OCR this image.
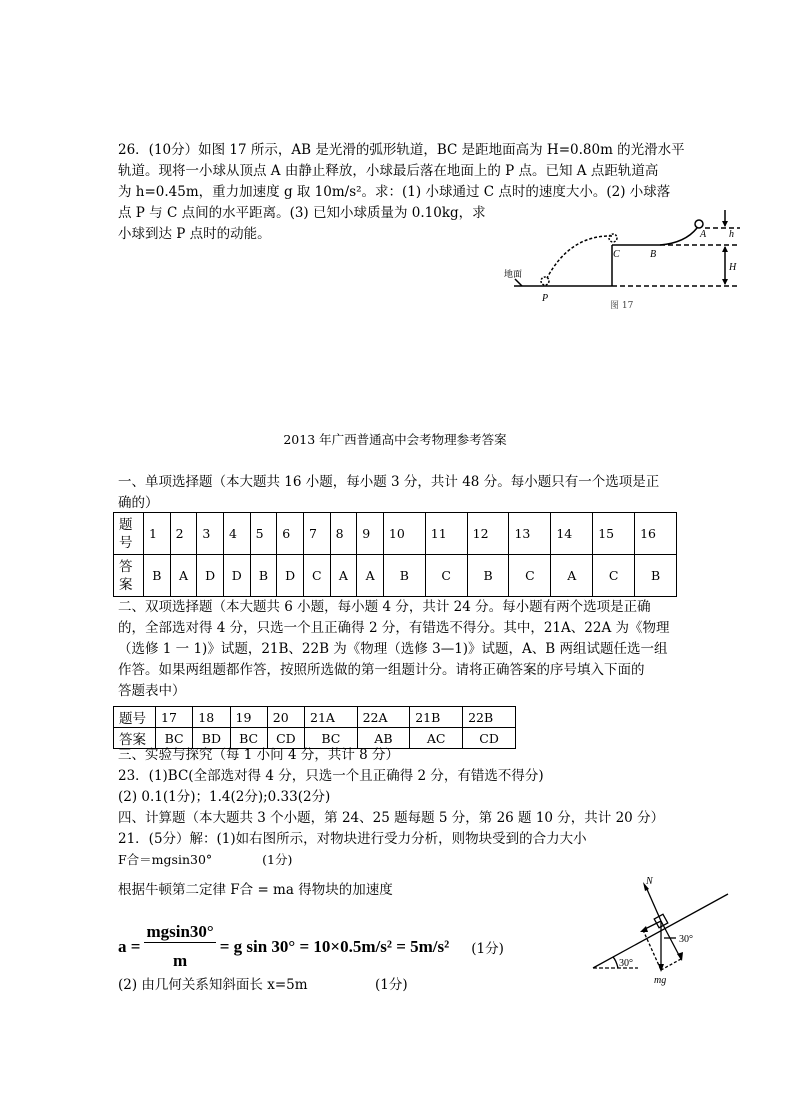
26．(10分）如图 17 所示，AB 是光滑的弧形轨道，BC 是距地面高为 H=0.80m 的光滑水平
轨道。现将一小球从顶点 A 由静止释放，小球最后落在地面上的 P 点。已知 A 点距轨道高
为 h=0.45m，重力加速度 g 取 10m/s²。求：(1) 小球通过 C 点时的速度大小。(2) 小球落
点 P 与 C 点间的水平距离。(3) 已知小球质量为 0.10kg，求
小球到达 P 点时的动能。
P
C	B
A h
H
地面
图 17
2013 年广西普通高中会考物理参考答案
一、单项选择题（本大题共 16 小题，每小题 3 分，共计 48 分。每小题只有一个选项是正
确的）
题号	1	2	3	4	5	6	7	8	9	10	11	12	13	14	15	16
答案	B	A	D	D	B	D	C	A	A	B	C	B	C	A	C	B
二、双项选择题（本大题共 6 小题，每小题 4 分，共计 24 分。每小题有两个选项是正确
的，全部选对得 4 分，只选一个且正确得 2 分，有错选不得分。其中，21A、22A 为《物理
（选修 1 一 1)》试题，21B、22B 为《物理（选修 3—1)》试题，A、B 两组试题任选一组
作答。如果两组题都作答，按照所选做的第一组题计分。请将正确答案的序号填入下面的
答题表中）
题号	17	18	19	20	21A	22A	21B	22B
答案	BC	BD	BC	CD	BC	AB	AC	CD
三、实验与探究（每 1 小问 4 分，共计 8 分）
23．(1)BC(全部选对得 4 分，只选一个且正确得 2 分，有错选不得分)
(2) 0.1(1分)；1.4(2分);0.33(2分)
四、计算题（本大题共 3 个小题，第 24、25 题每题 5 分，第 26 题 10 分，共计 20 分）
21．(5分）解：(1)如右图所示，对物块进行受力分析，则物块受到的合力大小
F合＝mgsin30°　　　　(1分)
根据牛顿第二定律 F合 = ma 得物块的加速度
$a = \frac{mgsin30^\circ}{m} = g$ sin 30° = 10×0.5m/s² = 5m/s² (1分)
(2) 由几何关系知斜面长 x=5m　　　　　(1分)
N
mg
30°
30°
